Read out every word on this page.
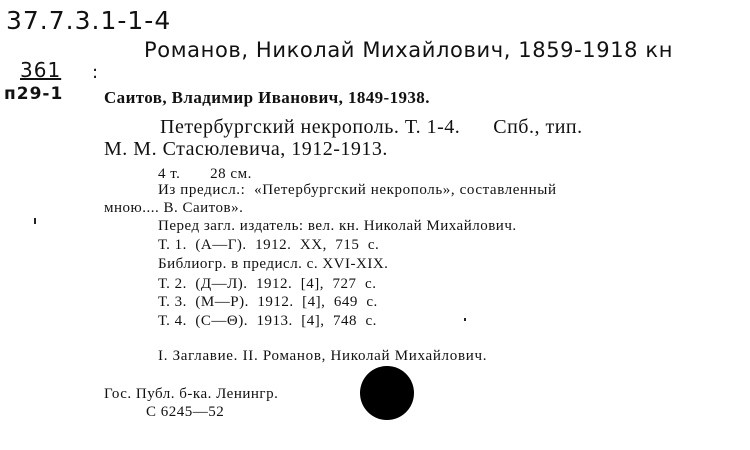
37.7.3.1-1-4
Романов, Николай Михайлович, 1859-1918 кн
361 :
п29-1 Саитов, Владимир Иванович, 1849-1938.
Петербургский некрополь. Т. 1-4.      Спб., тип.
М. М. Стасюлевича, 1912-1913.
4 т.       28 см.
Из предисл.:  «Петербургский некрополь», составленный
мною.... В. Саитов».
Перед загл. издатель: вел. кн. Николай Михайлович.
Т. 1.  (А—Г).  1912.  XX,  715  с.
Библиогр. в предисл. с. XVI-XIX.
Т. 2.  (Д—Л).  1912.  [4],  727  с.
Т. 3.  (М—Р).  1912.  [4],  649  с.
Т. 4.  (С—Θ).  1913.  [4],  748  с.
I. Заглавие. II. Романов, Николай Михайлович.
Гос. Публ. б-ка. Ленингр.
С 6245—52
